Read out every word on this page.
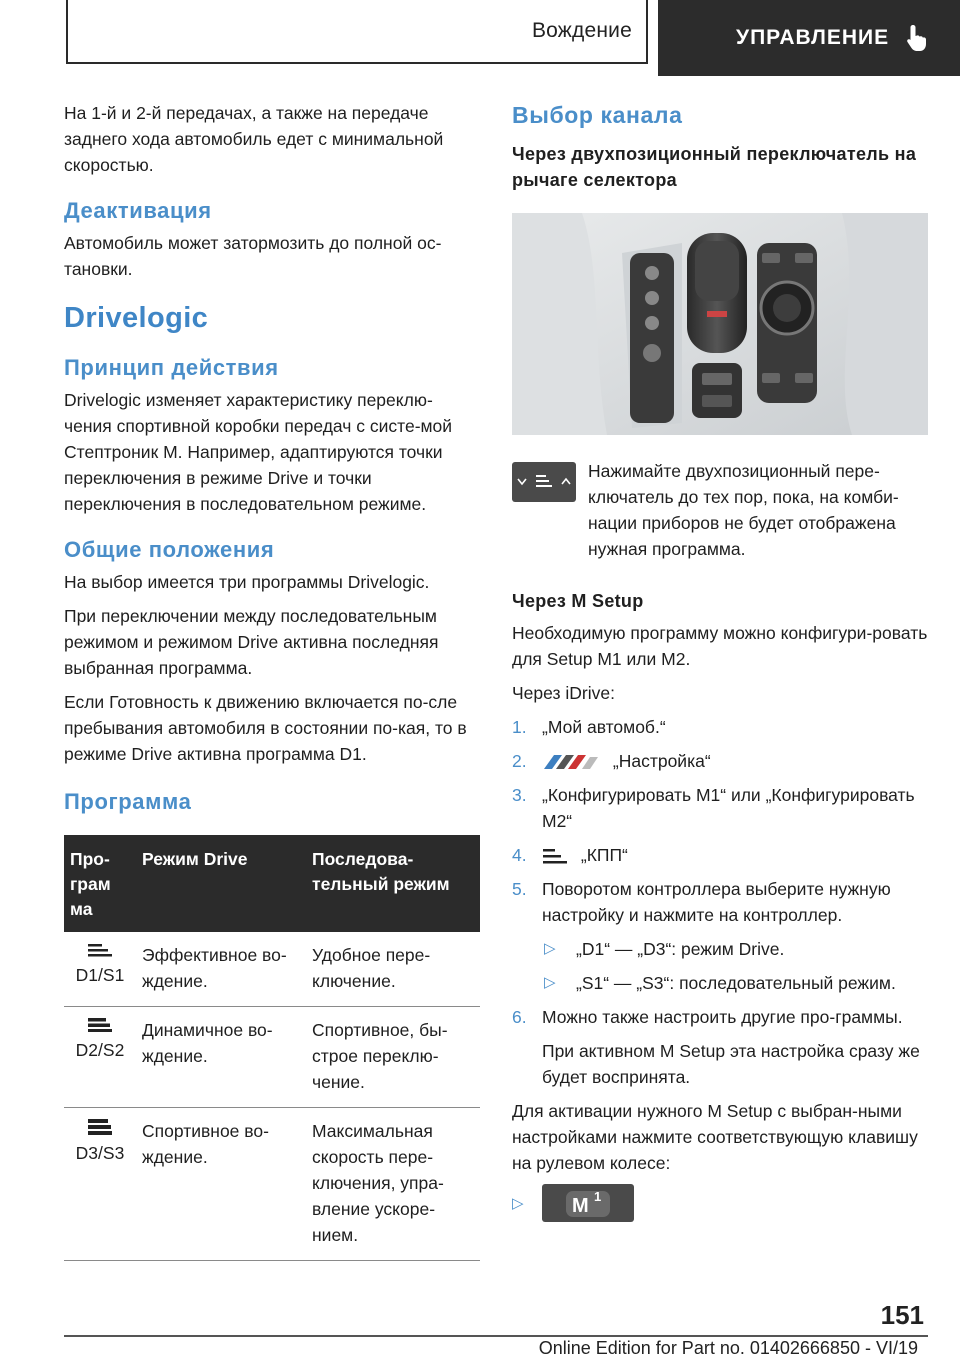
Вождение	УПРАВЛЕНИЕ

На 1-й и 2-й передачах, а также на передаче заднего хода автомобиль едет с минимальной скоростью.

Деактивация

Автомобиль может затормозить до полной ос-тановки.

Drivelogic
Принцип действия

Drivelogic изменяет характеристику переклю-чения спортивной коробки передач с систе-мой Стептроник M. Например, адаптируются точки переключения в режиме Drive и точки переключения в последовательном режиме.

Общие положения

На выбор имеется три программы Drivelogic.

При переключении между последовательным режимом и режимом Drive активна последняя выбранная программа.

Если Готовность к движению включается по-сле пребывания автомобиля в состоянии по-кая, то в режиме Drive активна программа D1.

Программа
Про-грам ма	Режим Drive	Последова-тельный режим

D1/S1	Эффективное во-ждение.	Удобное пере-ключение.

D2/S2	Динамичное во-ждение.	Спортивное, бы-строе переклю-чение.

D3/S3	Спортивное во-ждение.	Максимальная скорость пере-ключения, упра-вление ускоре-нием.
Выбор канала
Через двухпозиционный переключатель на рычаге селектора

Нажимайте двухпозиционный пере-ключатель до тех пор, пока, на комби-нации приборов не будет отображена нужная программа.

Через M Setup

Необходимую программу можно конфигури-ровать для Setup M1 или M2.

Через iDrive:

1. „Мой автомоб.“
2.	„Настройка“
3. „Конфигурировать M1“ или „Конфигурировать M2“
4.	„КПП“
5. Поворотом контроллера выберите нужную настройку и нажмите на контроллер.
▷ „D1“ — „D3“: режим Drive.
▷ „S1“ — „S3“: последовательный режим.
6. Можно также настроить другие про-граммы.
При активном M Setup эта настройка сразу же будет воспринята.

Для активации нужного M Setup с выбран-ными настройками нажмите соответствующую клавишу на рулевом колесе:

▷	M 1
151
Online Edition for Part no. 01402666850 - VI/19
